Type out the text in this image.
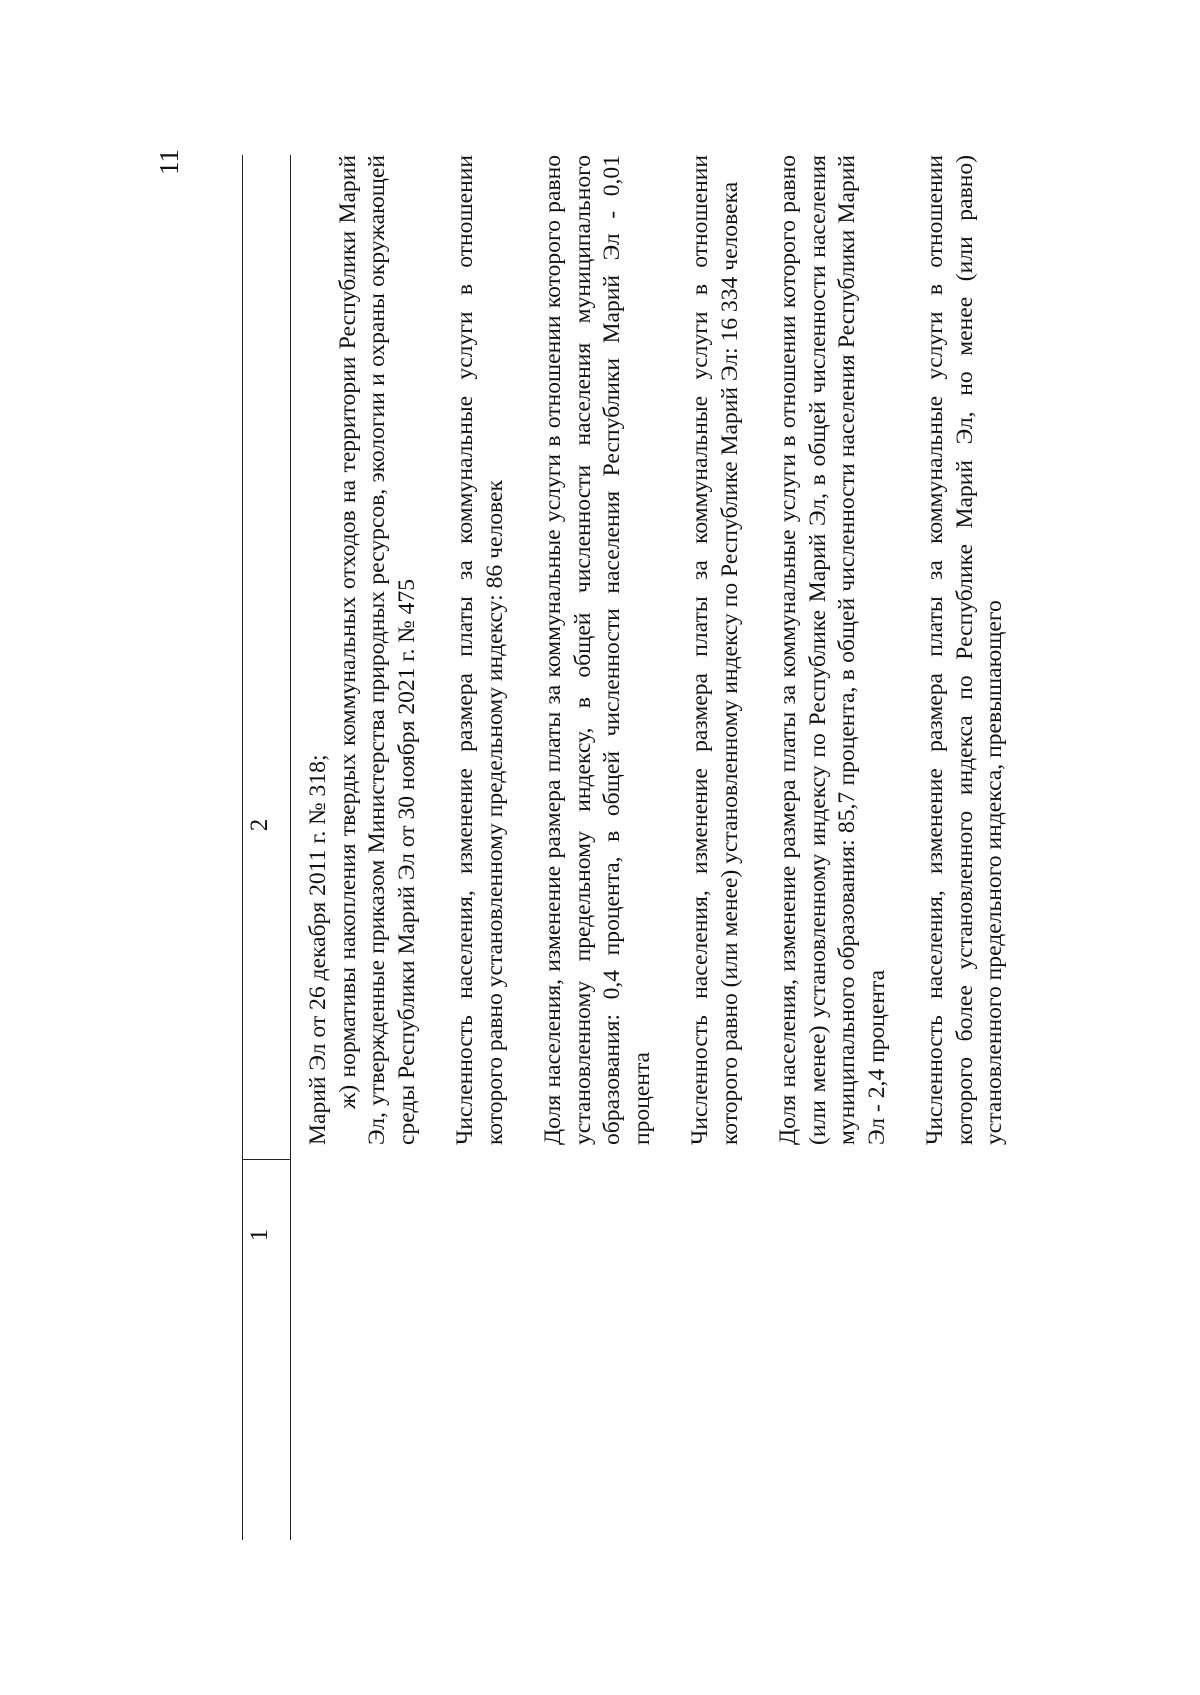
11
1
2 Марий Эл от 26 декабря 2011 г. № 318; ж) нормативы накопления твердых коммунальных отходов на территории Республики Марий Эл, утвержденные приказом Министерства природных ресурсов, экологии и охраны окружающей среды Республики Марий Эл от 30 ноября 2021 г. № 475 Численность населения, изменение размера платы за коммунальные услуги в отношении которого равно установленному предельному индексу: 86 человек Доля населения, изменение размера платы за коммунальные услуги в отношении которого равно установленному предельному индексу, в общей численности населения муниципального образования: 0,4 процента, в общей численности населения Республики Марий Эл - 0,01 процента Численность населения, изменение размера платы за коммунальные услуги в отношении которого равно (или менее) установленному индексу по Республике Марий Эл: 16 334 человека Доля населения, изменение размера платы за коммунальные услуги в отношении которого равно (или менее) установленному индексу по Республике Марий Эл, в общей численности населения муниципального образования: 85,7 процента, в общей численности населения Республики Марий Эл - 2,4 процента Численность населения, изменение размера платы за коммунальные услуги в отношении которого более установленного индекса по Республике Марий Эл, но менее (или равно) установленного предельного индекса, превышающего
